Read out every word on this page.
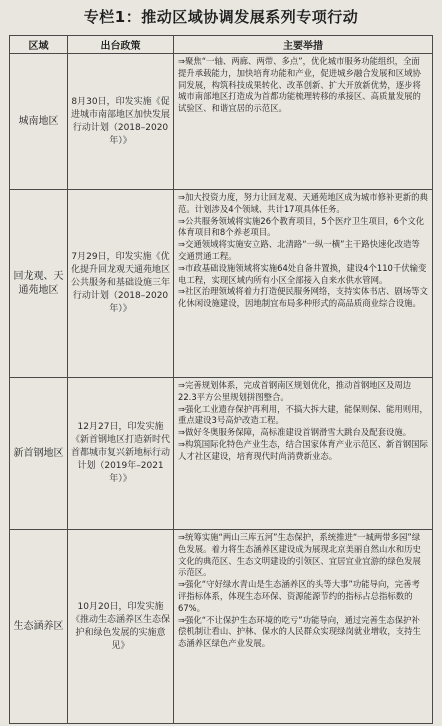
专栏1：推动区域协调发展系列专项行动
区域	出台政策	主要举措
城南地区	8月30日，印发实施《促进城市南部地区加快发展行动计划（2018–2020年）》	⇒聚焦“一轴、两廊、两带、多点”，优化城市服务功能组织，全面提升承载能力，加快培育功能和产业，促进城乡融合发展和区域协同发展，构筑科技成果转化、改革创新、扩大开放新优势，逐步将城市南部地区打造成为首都功能梳理转移的承接区、高质量发展的试验区、和谐宜居的示范区。

回龙观、天通苑地区	7月29日，印发实施《优化提升回龙观天通苑地区公共服务和基础设施三年行动计划（2018–2020年）》	⇒加大投资力度，努力让回龙观、天通苑地区成为城市修补更新的典范。计划涉及4个领域、共计17项具体任务。
⇒公共服务领域将实施26个教育项目，5个医疗卫生项目，6个文化体育项目和8个养老项目。
⇒交通领域将实施安立路、北清路“一纵一横”主干路快速化改造等交通贯通工程。
⇒市政基础设施领域将实施64处自备井置换，建设4个110千伏输变电工程，实现区域内所有小区全部接入自来水供水管网。
⇒社区治理领域将着力打造便民服务网络，支持实体书店、剧场等文化休闲设施建设，因地制宜布局多种形式的高品质商业综合设施。

新首钢地区	12月27日，印发实施《新首钢地区打造新时代首都城市复兴新地标行动计划（2019年–2021年）》	⇒完善规划体系，完成首钢南区规划优化，推动首钢地区及周边22.3平方公里规划拼图整合。
⇒强化工业遗存保护再利用，不搞大拆大建，能保则保、能用则用，重点建设3号高炉改造工程。
⇒做好冬奥服务保障，高标准建设首钢滑雪大跳台及配套设施。
⇒构筑国际化特色产业生态，结合国家体育产业示范区、新首钢国际人才社区建设，培育现代时尚消费新业态。

生态涵养区	10月20日，印发实施《推动生态涵养区生态保护和绿色发展的实施意见》	⇒统筹实施“两山三库五河”生态保护，系统推进“一城两带多园”绿色发展。着力将生态涵养区建设成为展现北京美丽自然山水和历史文化的典范区、生态文明建设的引领区、宜居宜业宜游的绿色发展示范区。
⇒强化“守好绿水青山是生态涵养区的头等大事”功能导向，完善考评指标体系，体现生态环保、资源能源节约的指标占总指标数的67%。
⇒强化“不让保护生态环境的吃亏”功能导向，通过完善生态保护补偿机制让看山、护林、保水的人民群众实现绿岗就业增收，支持生态涵养区绿色产业发展。
